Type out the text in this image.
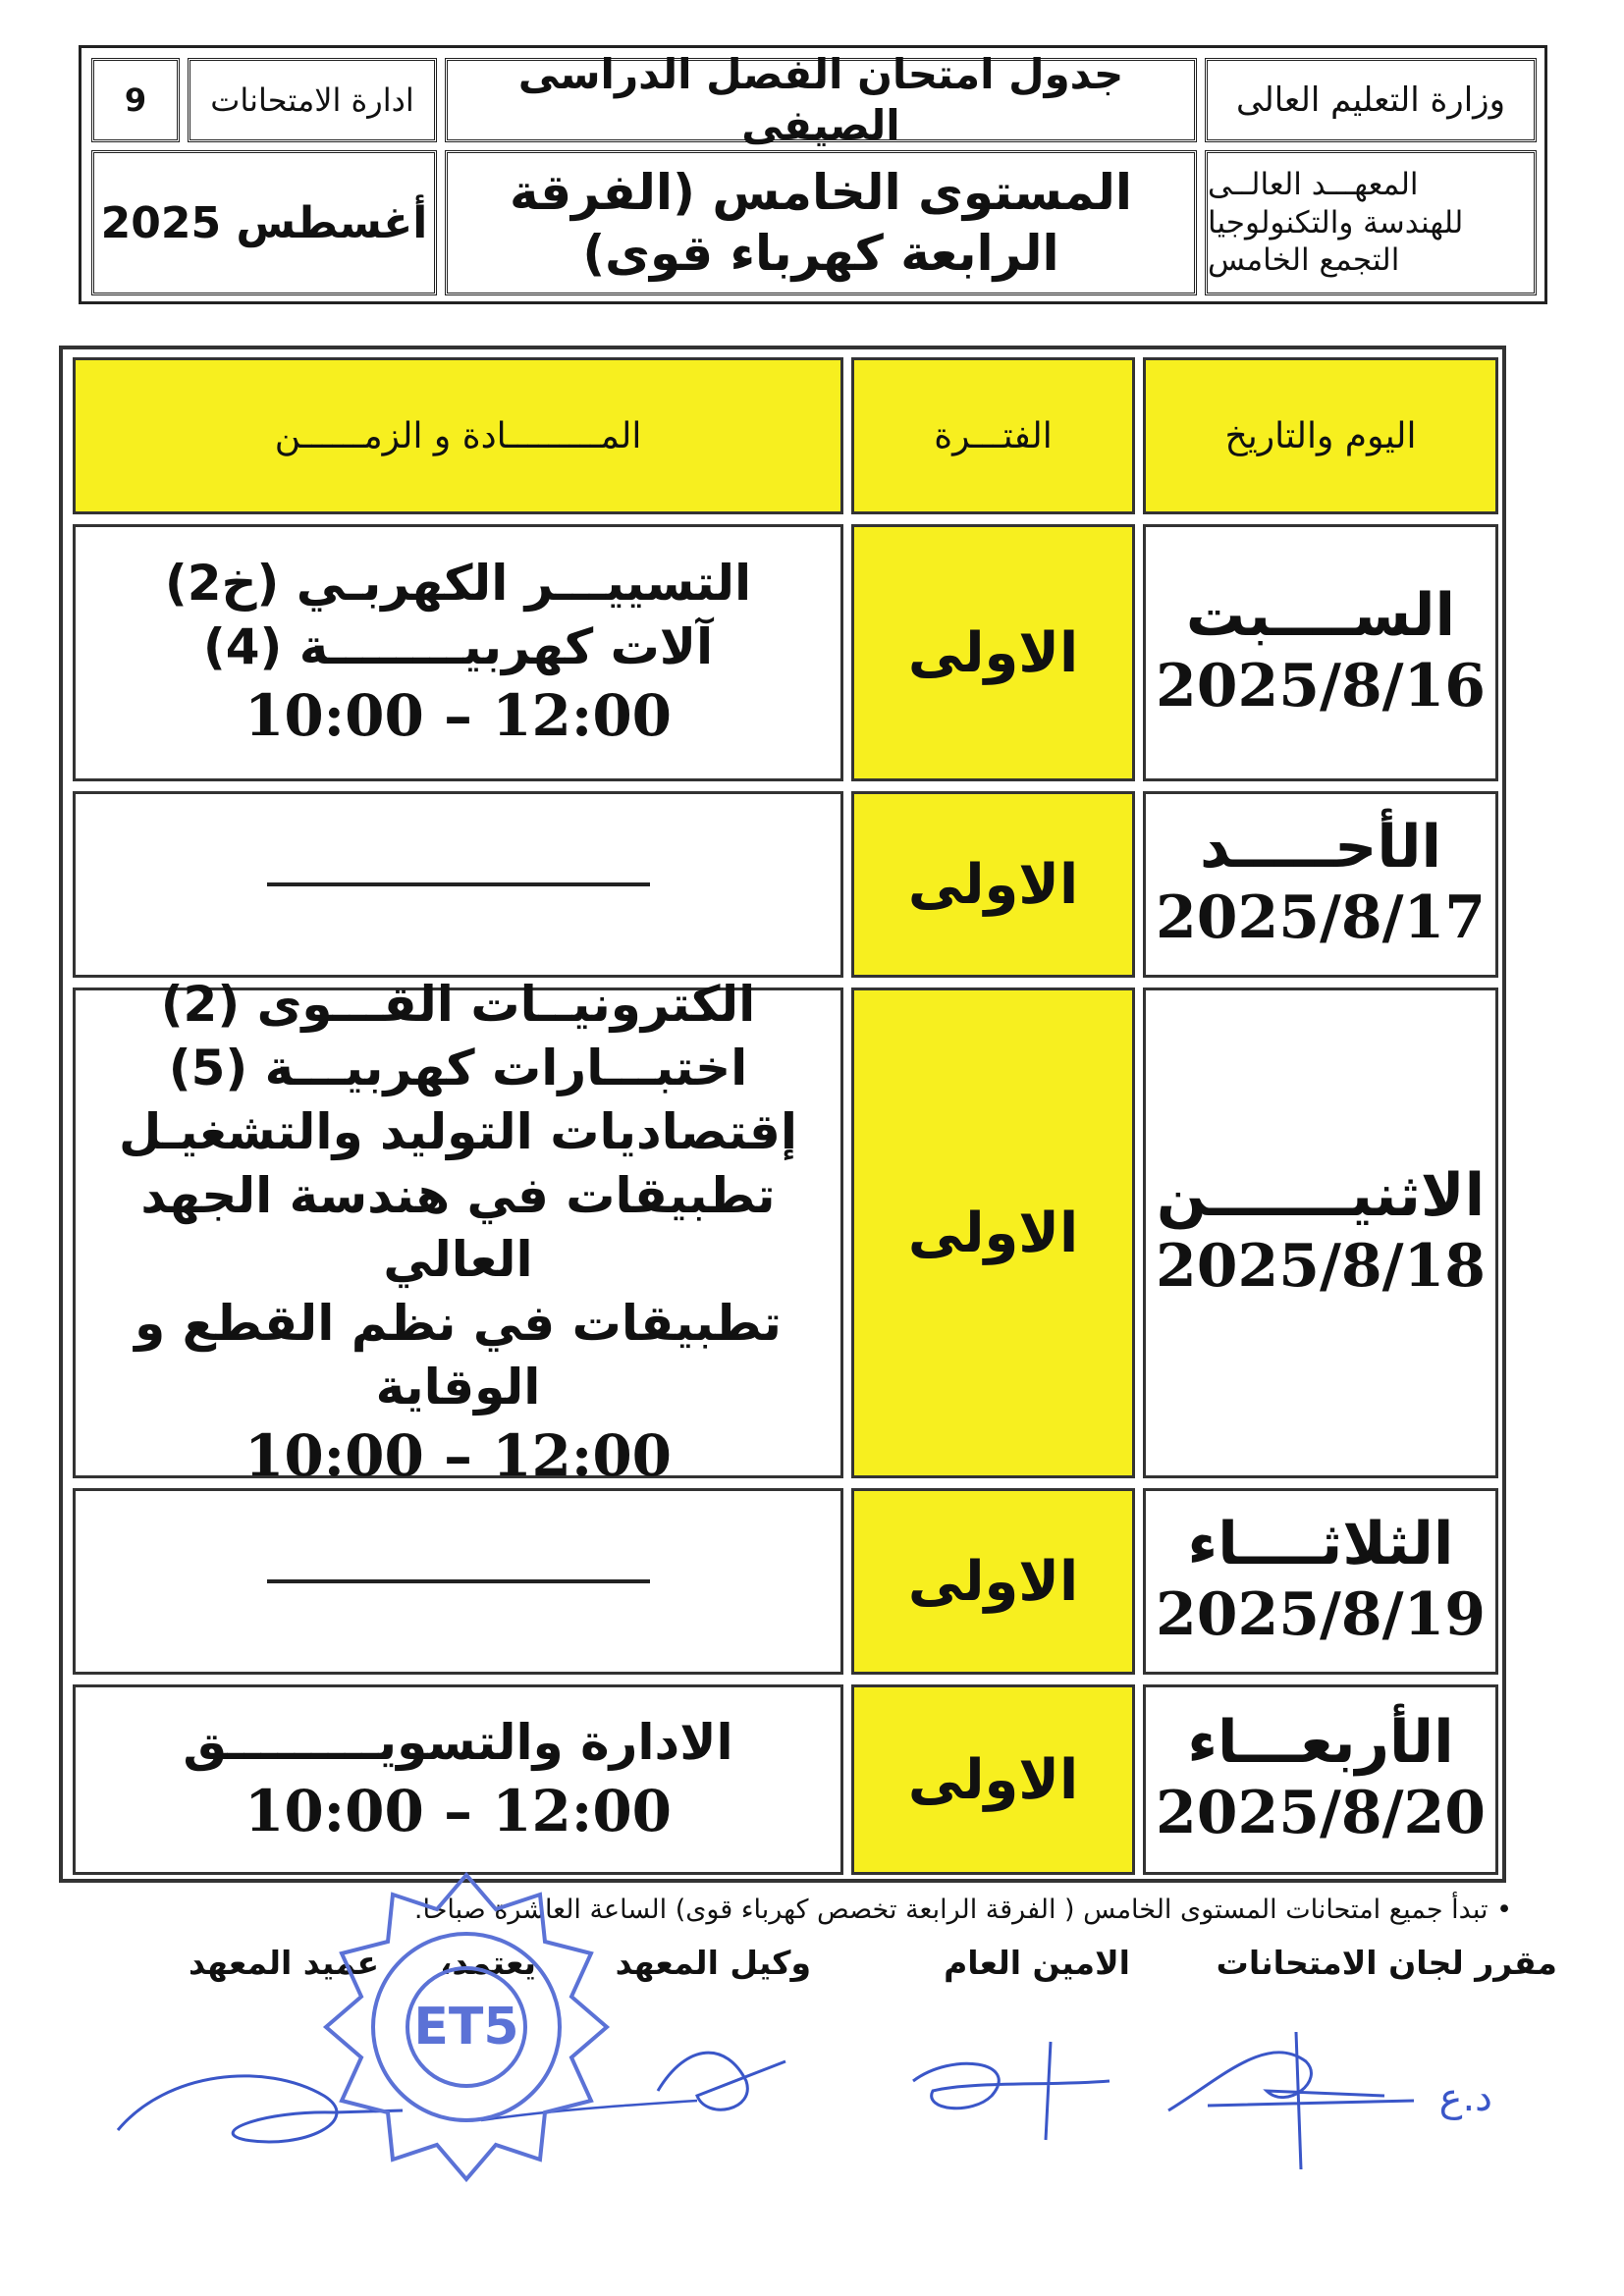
وزارة التعليم العالى
جدول امتحان الفصل الدراسى الصيفى
ادارة الامتحانات
9
المعهـــد العالــى
للهندسة والتكنولوجيا
التجمع الخامس
المستوى الخامس (الفرقة الرابعة كهرباء قوى)
أغسطس 2025
اليوم والتاريخ
الفتـــرة
المـــــــــادة و الزمــــــن
الســــبت
2025/8/16
الاولى
التسييـــر الكهربـي (خ2)
آلات كهربيــــــــة (4)
10:00 – 12:00
الأحـــــد
2025/8/17
الاولى
الاثنيـــــــن
2025/8/18
الاولى
الكترونيــات القـــوى (2)
اختبـــارات كهربيـــة (5)
إقتصاديات التوليد والتشغيـل
تطبيقات في هندسة الجهد العالي
تطبيقات في نظم القطع و الوقاية
10:00 – 12:00
الثلاثــــاء
2025/8/19
الاولى
الأربعـــاء
2025/8/20
الاولى
الادارة والتسويـــــــــق
10:00 – 12:00
• تبدأ جميع امتحانات المستوى الخامس ( الفرقة الرابعة تخصص كهرباء قوى) الساعة العاشرة صباحا.
مقرر لجان الامتحانات
الامين العام
وكيل المعهد
يعتمد،
عميد المعهد
د.ع
ET5
